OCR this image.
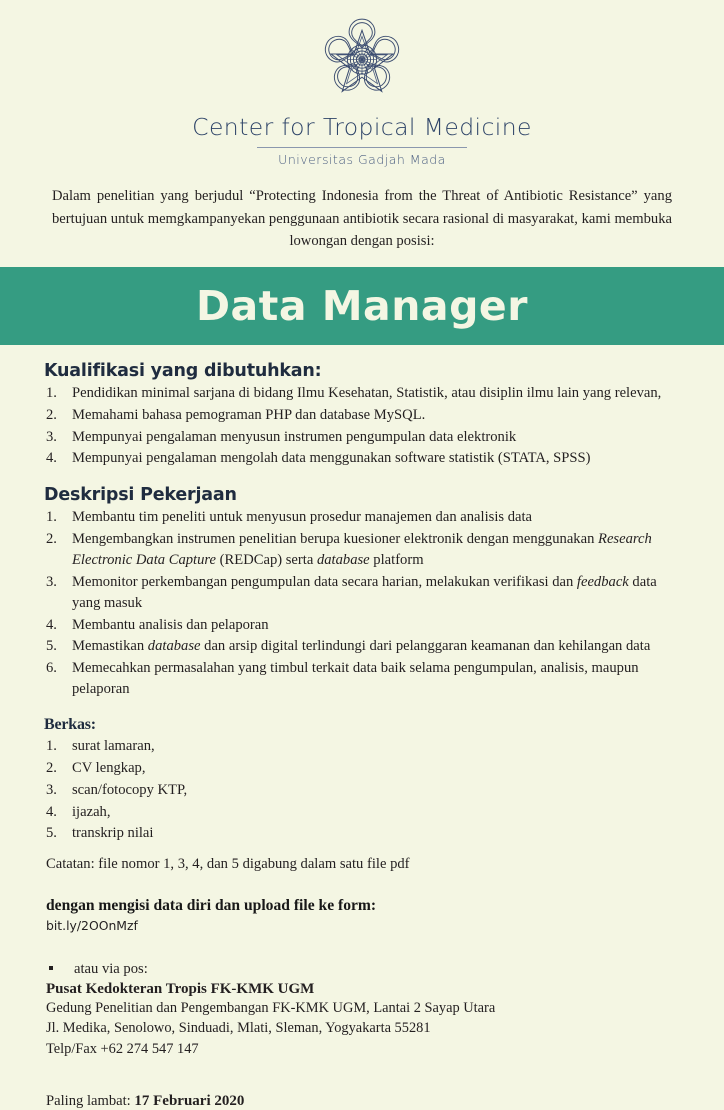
Center for Tropical Medicine
Universitas Gadjah Mada
Dalam penelitian yang berjudul “Protecting Indonesia from the Threat of Antibiotic Resistance” yang bertujuan untuk memgkampanyekan penggunaan antibiotik secara rasional di masyarakat, kami membuka lowongan dengan posisi:
Data Manager
Kualifikasi yang dibutuhkan:
1.	Pendidikan minimal sarjana di bidang Ilmu Kesehatan, Statistik, atau disiplin ilmu lain yang relevan,
2.	Memahami bahasa pemograman PHP dan database MySQL.
3.	Mempunyai pengalaman menyusun instrumen pengumpulan data elektronik
4.	Mempunyai pengalaman mengolah data menggunakan software statistik (STATA, SPSS)
Deskripsi Pekerjaan
1.	Membantu tim peneliti untuk menyusun prosedur manajemen dan analisis data
2.	Mengembangkan instrumen penelitian berupa kuesioner elektronik dengan menggunakan Research Electronic Data Capture (REDCap) serta database platform
3.	Memonitor perkembangan pengumpulan data secara harian, melakukan verifikasi dan feedback data yang masuk
4.	Membantu analisis dan pelaporan
5.	Memastikan database dan arsip digital terlindungi dari pelanggaran keamanan dan kehilangan data
6.	Memecahkan permasalahan yang timbul terkait data baik selama pengumpulan, analisis, maupun pelaporan
Berkas:
1.	surat lamaran,
2.	CV lengkap,
3.	scan/fotocopy KTP,
4.	ijazah,
5.	transkrip nilai
Catatan: file nomor 1, 3, 4, dan 5 digabung dalam satu file pdf
dengan mengisi data diri dan upload file ke form:
bit.ly/2OOnMzf
atau via pos:
Pusat Kedokteran Tropis FK-KMK UGM
Gedung Penelitian dan Pengembangan FK-KMK UGM, Lantai 2 Sayap Utara
Jl. Medika, Senolowo, Sinduadi, Mlati, Sleman, Yogyakarta 55281
Telp/Fax +62 274 547 147
Paling lambat: 17 Februari 2020
